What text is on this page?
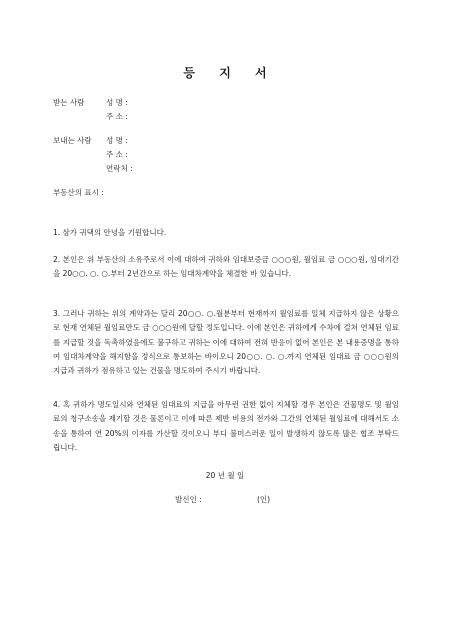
등 지 서
받는 사람	성 명 :
주 소 :
보내는 사람 성 명 :
주 소 :
연락처 :
부동산의 표시 :
1. 삼가 귀댁의 안녕을 기원합니다.
2. 본인은 위 부동산의 소유주로서 이에 대하여 귀하와 임대보증금 ○○○원, 월임료 금 ○○○원, 임대기간을 20○○. ○. ○.부터 2년간으로 하는 임대차계약을 체결한 바 있습니다.
3. 그러나 귀하는 위의 계약과는 달리 20○○. ○.월분부터 현재까지 월임료를 일체 지급하지 않은 상황으로 현재 연체된 월임료만도 금 ○○○원에 달할 정도입니다. 이에 본인은 귀하에게 수차에 걸쳐 연체된 임료를 지급할 것을 독촉하였음에도 불구하고 귀하는 이에 대하여 전혀 반응이 없어 본인은 본 내용증명을 통하여 임대차계약을 해지함을 정식으로 통보하는 바이오니 20○○. ○. ○.까지 연체된 임대료 금 ○○○원의 지급과 귀하가 점유하고 있는 건물을 명도하여 주시기 바랍니다.
4. 혹 귀하가 명도일시와 연체된 임대료의 지급을 아무런 권한 없이 지체할 경우 본인은 건물명도 및 월임료의 청구소송을 제기할 것은 물론이고 이에 따른 제반 비용의 전가와 그간의 연체된 월임료에 대해서도 소송을 통하여 연 20%의 이자를 가산할 것이오니 부디 불미스러운 일이 발생하지 않도록 많은 협조 부탁드립니다.
20 년 월 일
발신인 :	(인)
